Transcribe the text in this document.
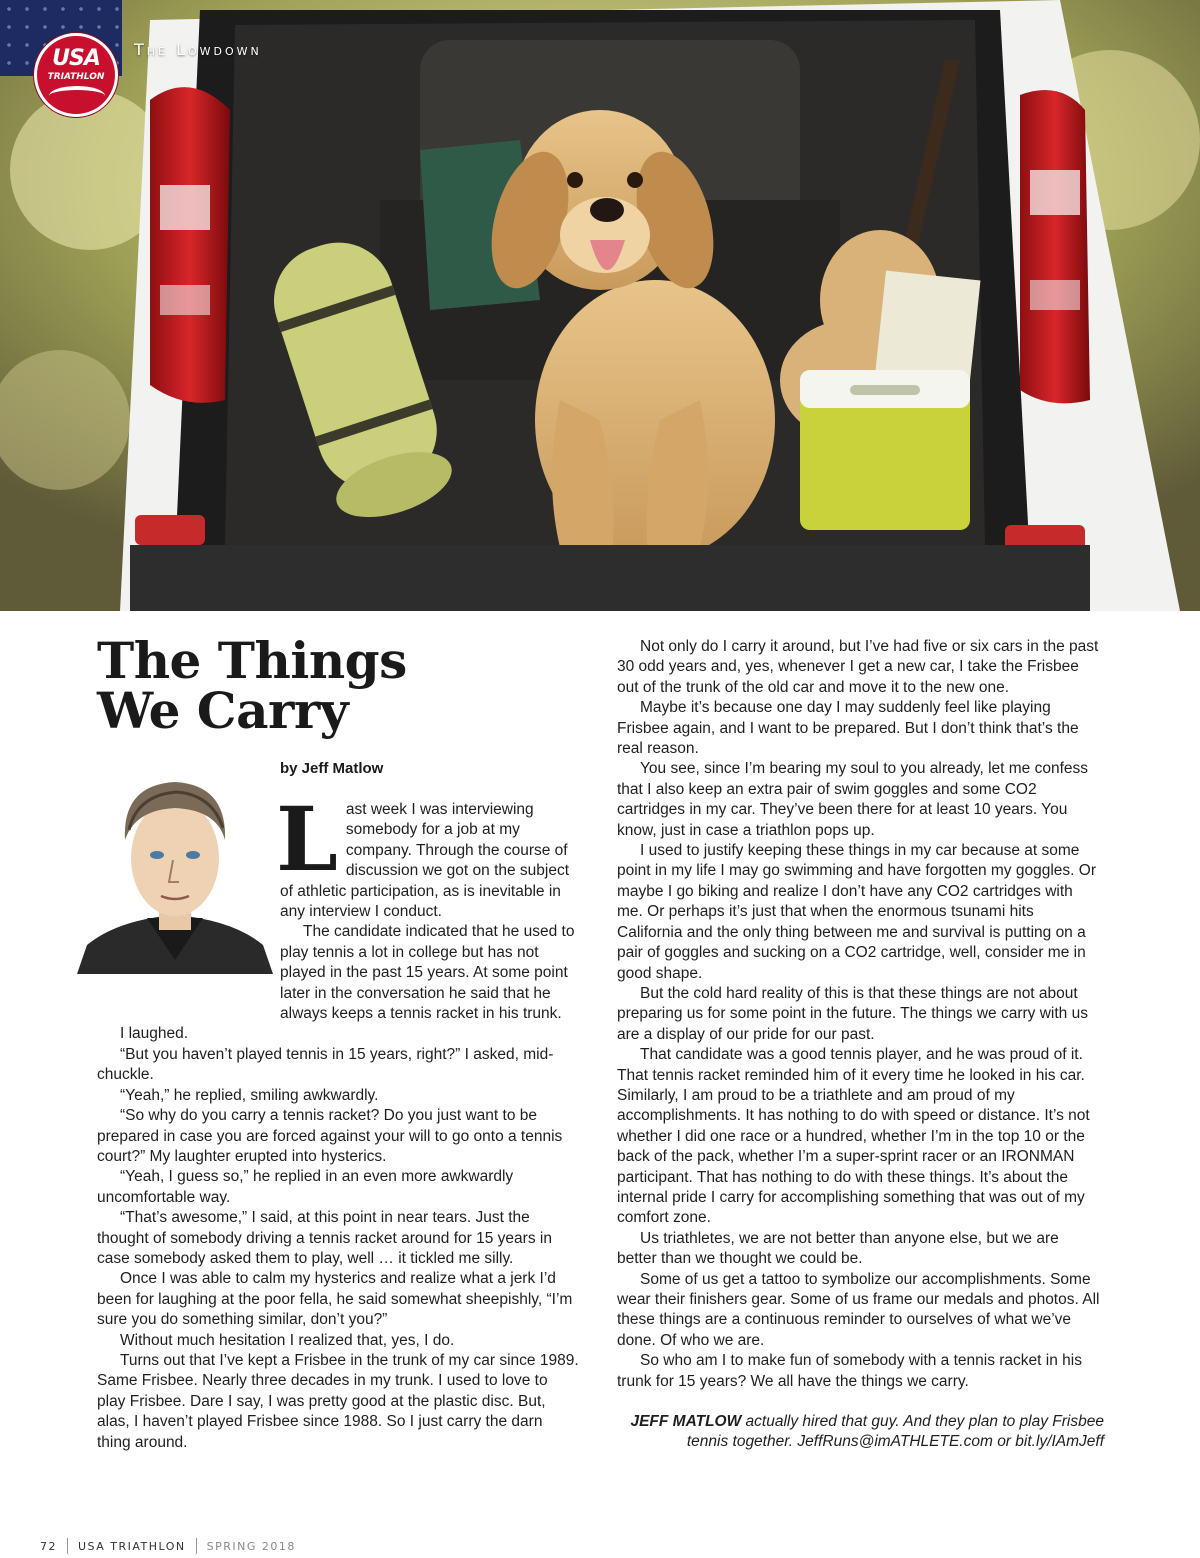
USA
TRIATHLON
The Lowdown
The Things
We Carry
by Jeff Matlow
L ast week I was interviewing somebody for a job at my company. Through the course of discussion we got on the subject of athletic participation, as is inevitable in any interview I conduct.

The candidate indicated that he used to play tennis a lot in college but has not played in the past 15 years. At some point later in the conversation he said that he always keeps a tennis racket in his trunk.

I laughed.

“But you haven’t played tennis in 15 years, right?” I asked, mid-chuckle.

“Yeah,” he replied, smiling awkwardly.

“So why do you carry a tennis racket? Do you just want to be prepared in case you are forced against your will to go onto a tennis court?” My laughter erupted into hysterics.

“Yeah, I guess so,” he replied in an even more awkwardly uncomfortable way.

“That’s awesome,” I said, at this point in near tears. Just the thought of somebody driving a tennis racket around for 15 years in case somebody asked them to play, well … it tickled me silly.

Once I was able to calm my hysterics and realize what a jerk I’d been for laughing at the poor fella, he said somewhat sheepishly, “I’m sure you do something similar, don’t you?”

Without much hesitation I realized that, yes, I do.

Turns out that I’ve kept a Frisbee in the trunk of my car since 1989. Same Frisbee. Nearly three decades in my trunk. I used to love to play Frisbee. Dare I say, I was pretty good at the plastic disc. But, alas, I haven’t played Frisbee since 1988. So I just carry the darn thing around.

Not only do I carry it around, but I’ve had five or six cars in the past 30 odd years and, yes, whenever I get a new car, I take the Frisbee out of the trunk of the old car and move it to the new one.

Maybe it’s because one day I may suddenly feel like playing Frisbee again, and I want to be prepared. But I don’t think that’s the real reason.

You see, since I’m bearing my soul to you already, let me confess that I also keep an extra pair of swim goggles and some CO2 cartridges in my car. They’ve been there for at least 10 years. You know, just in case a triathlon pops up.

I used to justify keeping these things in my car because at some point in my life I may go swimming and have forgotten my goggles. Or maybe I go biking and realize I don’t have any CO2 cartridges with me. Or perhaps it’s just that when the enormous tsunami hits California and the only thing between me and survival is putting on a pair of goggles and sucking on a CO2 cartridge, well, consider me in good shape.

But the cold hard reality of this is that these things are not about preparing us for some point in the future. The things we carry with us are a display of our pride for our past.

That candidate was a good tennis player, and he was proud of it. That tennis racket reminded him of it every time he looked in his car. Similarly, I am proud to be a triathlete and am proud of my accomplishments. It has nothing to do with speed or distance. It’s not whether I did one race or a hundred, whether I’m in the top 10 or the back of the pack, whether I’m a super-sprint racer or an IRONMAN participant. That has nothing to do with these things. It’s about the internal pride I carry for accomplishing something that was out of my comfort zone.

Us triathletes, we are not better than anyone else, but we are better than we thought we could be.

Some of us get a tattoo to symbolize our accomplishments. Some wear their finishers gear. Some of us frame our medals and photos. All these things are a continuous reminder to ourselves of what we’ve done. Of who we are.

So who am I to make fun of somebody with a tennis racket in his trunk for 15 years? We all have the things we carry.

JEFF MATLOW actually hired that guy. And they plan to play Frisbee tennis together. JeffRuns@imATHLETE.com or bit.ly/IAmJeff
72 USA TRIATHLON SPRING 2018
